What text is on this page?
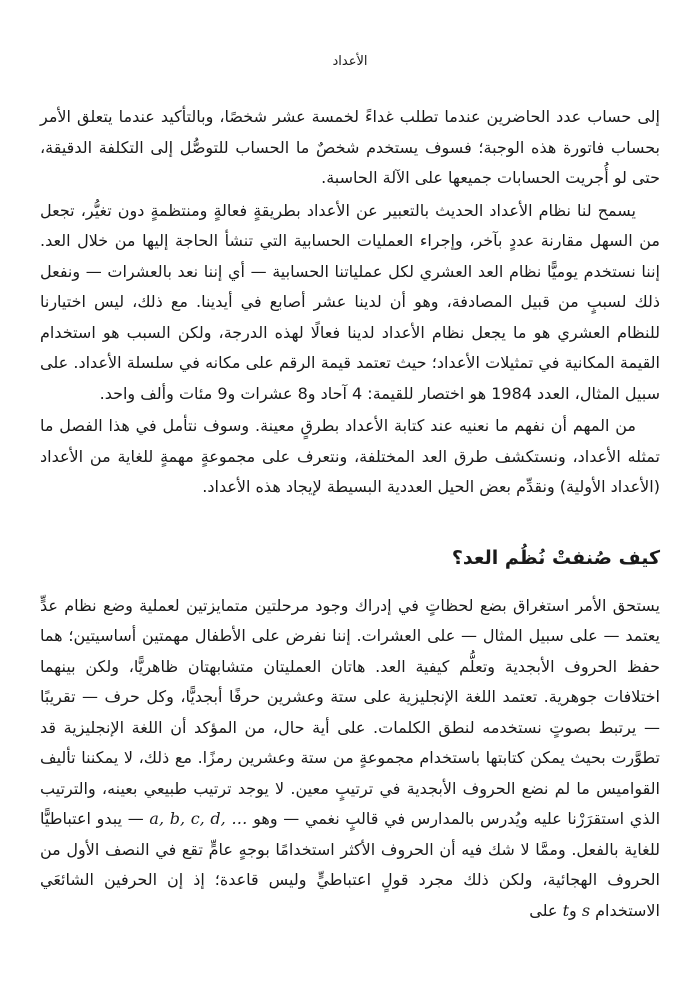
الأعداد

إلى حساب عدد الحاضرين عندما تطلب غداءً لخمسة عشر شخصًا، وبالتأكيد عندما يتعلق الأمر بحساب فاتورة هذه الوجبة؛ فسوف يستخدم شخصٌ ما الحساب للتوصُّل إلى التكلفة الدقيقة، حتى لو أُجريت الحسابات جميعها على الآلة الحاسبة.

يسمح لنا نظام الأعداد الحديث بالتعبير عن الأعداد بطريقةٍ فعالةٍ ومنتظمةٍ دون تغيُّر، تجعل من السهل مقارنة عددٍ بآخر، وإجراء العمليات الحسابية التي تنشأ الحاجة إليها من خلال العد. إننا نستخدم يوميًّا نظام العد العشري لكل عملياتنا الحسابية — أي إننا نعد بالعشرات — ونفعل ذلك لسببٍ من قبيل المصادفة، وهو أن لدينا عشر أصابع في أيدينا. مع ذلك، ليس اختيارنا للنظام العشري هو ما يجعل نظام الأعداد لدينا فعالًا لهذه الدرجة، ولكن السبب هو استخدام القيمة المكانية في تمثيلات الأعداد؛ حيث تعتمد قيمة الرقم على مكانه في سلسلة الأعداد. على سبيل المثال، العدد 1984 هو اختصار للقيمة: 4 آحاد و8 عشرات و9 مئات وألف واحد.

من المهم أن نفهم ما نعنيه عند كتابة الأعداد بطرقٍ معينة. وسوف نتأمل في هذا الفصل ما تمثله الأعداد، ونستكشف طرق العد المختلفة، ونتعرف على مجموعةٍ مهمةٍ للغاية من الأعداد (الأعداد الأولية) ونقدِّم بعض الحيل العددية البسيطة لإيجاد هذه الأعداد.

كيف صُنفتْ نُظُم العد؟

يستحق الأمر استغراق بضع لحظاتٍ في إدراك وجود مرحلتين متمايزتين لعملية وضع نظام عدٍّ يعتمد — على سبيل المثال — على العشرات. إننا نفرض على الأطفال مهمتين أساسيتين؛ هما حفظ الحروف الأبجدية وتعلُّم كيفية العد. هاتان العمليتان متشابهتان ظاهريًّا، ولكن بينهما اختلافات جوهرية. تعتمد اللغة الإنجليزية على ستة وعشرين حرفًا أبجديًّا، وكل حرف — تقريبًا — يرتبط بصوتٍ نستخدمه لنطق الكلمات. على أية حال، من المؤكد أن اللغة الإنجليزية قد تطوَّرت بحيث يمكن كتابتها باستخدام مجموعةٍ من ستة وعشرين رمزًا. مع ذلك، لا يمكننا تأليف القواميس ما لم نضع الحروف الأبجدية في ترتيبٍ معين. لا يوجد ترتيب طبيعي بعينه، والترتيب الذي استقرَرْنا عليه ويُدرس بالمدارس في قالبٍ نغمي — وهو a, b, c, d, … — يبدو اعتباطيًّا للغاية بالفعل. وممَّا لا شك فيه أن الحروف الأكثر استخدامًا بوجهٍ عامٍّ تقع في النصف الأول من الحروف الهجائية، ولكن ذلك مجرد قولٍ اعتباطيٍّ وليس قاعدة؛ إذ إن الحرفين الشائعَي الاستخدام s وt على
